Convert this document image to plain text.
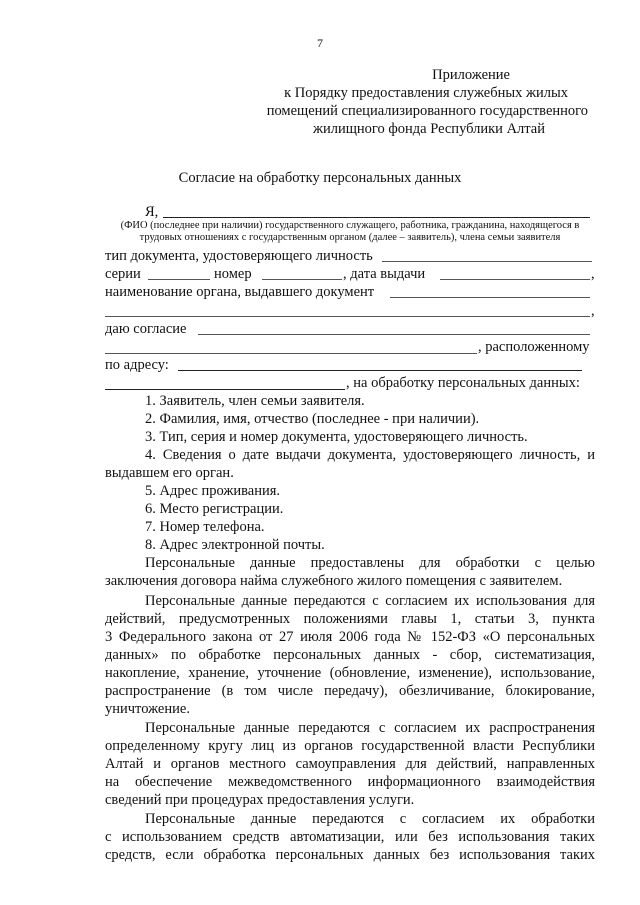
7
Приложение
к Порядку предоставления служебных жилых
помещений специализированного государственного
жилищного фонда Республики Алтай
Согласие на обработку персональных данных
Я,
(ФИО (последнее при наличии) государственного служащего, работника, гражданина, находящегося в
трудовых отношениях с государственным органом (далее – заявитель), члена семьи заявителя
тип документа, удостоверяющего личность
серии	номер	, дата выдачи	,
наименование органа, выдавшего документ
,
даю согласие
, расположенному
по адресу:
, на обработку персональных данных:
1. Заявитель, член семьи заявителя.
2. Фамилия, имя, отчество (последнее - при наличии).
3. Тип, серия и номер документа, удостоверяющего личность.
4. Сведения о дате выдачи документа, удостоверяющего личность, и
выдавшем его орган.
5. Адрес проживания.
6. Место регистрации.
7. Номер телефона.
8. Адрес электронной почты.
Персональные данные предоставлены для обработки с целью
заключения договора найма служебного жилого помещения с заявителем.
Персональные данные передаются с согласием их использования для
действий, предусмотренных положениями главы 1, статьи 3, пункта
3 Федерального закона от 27 июля 2006 года № 152-ФЗ «О персональных
данных» по обработке персональных данных - сбор, систематизация,
накопление, хранение, уточнение (обновление, изменение), использование,
распространение (в том числе передачу), обезличивание, блокирование,
уничтожение.
Персональные данные передаются с согласием их распространения
определенному кругу лиц из органов государственной власти Республики
Алтай и органов местного самоуправления для действий, направленных
на обеспечение межведомственного информационного взаимодействия
сведений при процедурах предоставления услуги.
Персональные данные передаются с согласием их обработки
с использованием средств автоматизации, или без использования таких
средств, если обработка персональных данных без использования таких
